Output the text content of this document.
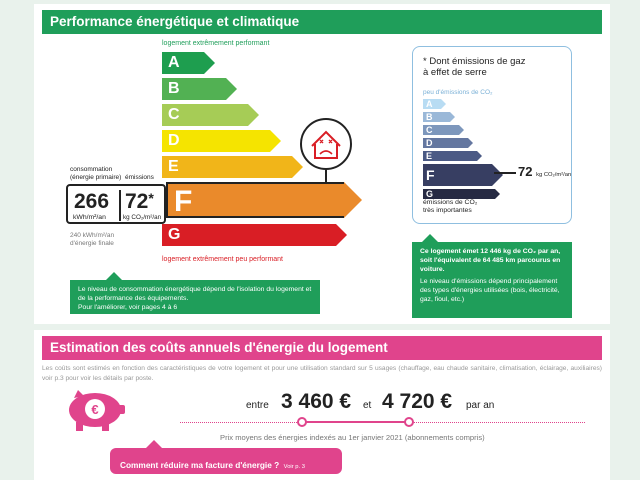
Performance énergétique et climatique
logement extrêmement performant
logement extrêmement peu performant
consommation
(énergie primaire) émissions
266
kWh/m²/an
72*
kg CO₂/m²/an
240 kWh/m²/an
d'énergie finale
Le niveau de consommation énergétique dépend de l'isolation du logement et de la performance des équipements.
Pour l'améliorer, voir pages 4 à 6
* Dont émissions de gaz
à effet de serre
peu d'émissions de CO₂
émissions de CO₂
très importantes
A
B
C
D
E
F
G
72 kg CO₂/m²/an
Ce logement émet 12 446 kg de CO₂ par an, soit l'équivalent de 64 485 km parcourus en voiture.
Le niveau d'émissions dépend principalement des types d'énergies utilisées (bois, électricité, gaz, fioul, etc.)
A
B
C
D
E
F
G
Estimation des coûts annuels d'énergie du logement
Les coûts sont estimés en fonction des caractéristiques de votre logement et pour une utilisation standard sur 5 usages (chauffage, eau chaude sanitaire, climatisation, éclairage, auxiliaires) voir p.3 pour voir les détails par poste.
€	entre 3 460 € et 4 720 € par an
Prix moyens des énergies indexés au 1er janvier 2021 (abonnements compris)
Comment réduire ma facture d'énergie ? Voir p. 3
